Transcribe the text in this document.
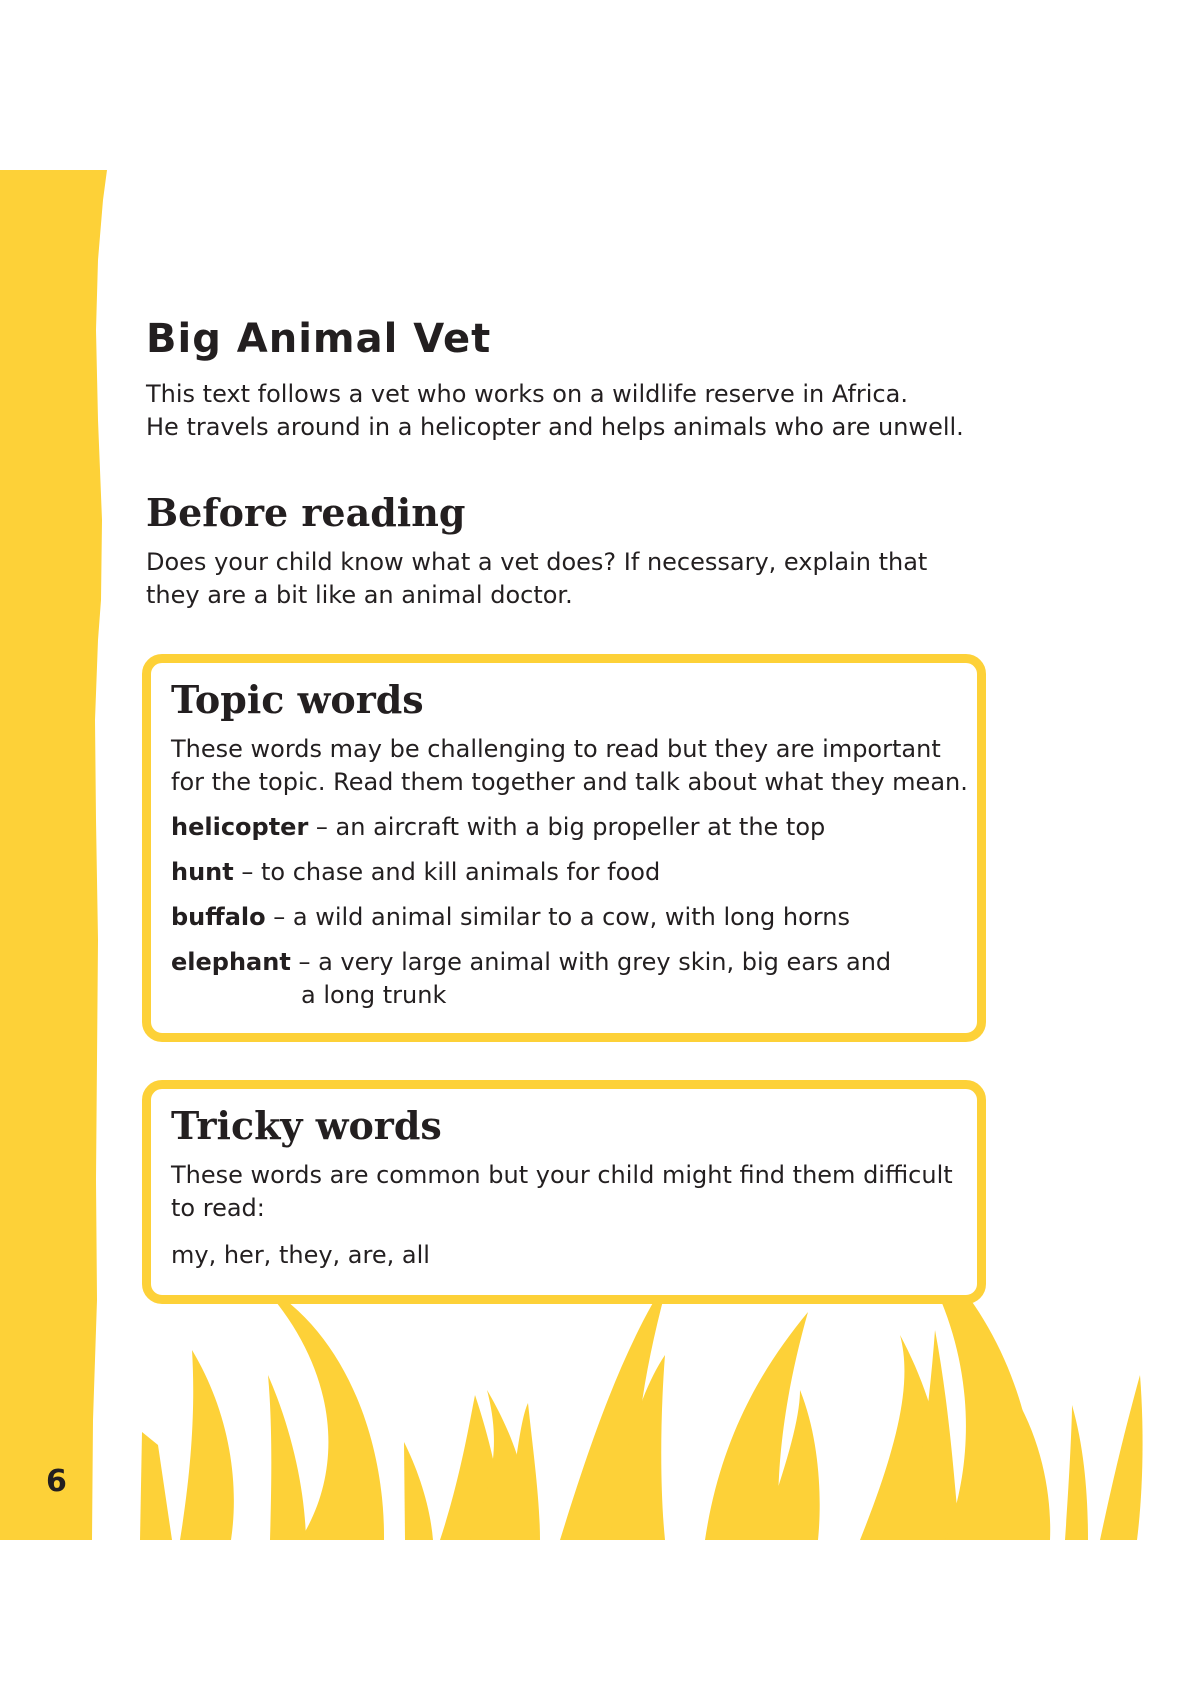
6
Big Animal Vet

This text follows a vet who works on a wildlife reserve in Africa.
He travels around in a helicopter and helps animals who are unwell.

Before reading

Does your child know what a vet does? If necessary, explain that
they are a bit like an animal doctor.

Topic words

These words may be challenging to read but they are important
for the topic. Read them together and talk about what they mean.

helicopter – an aircraft with a big propeller at the top
hunt – to chase and kill animals for food
buffalo – a wild animal similar to a cow, with long horns
elephant – a very large animal with grey skin, big ears and
a long trunk
Tricky words

These words are common but your child might find them difficult
to read:

my, her, they, are, all
